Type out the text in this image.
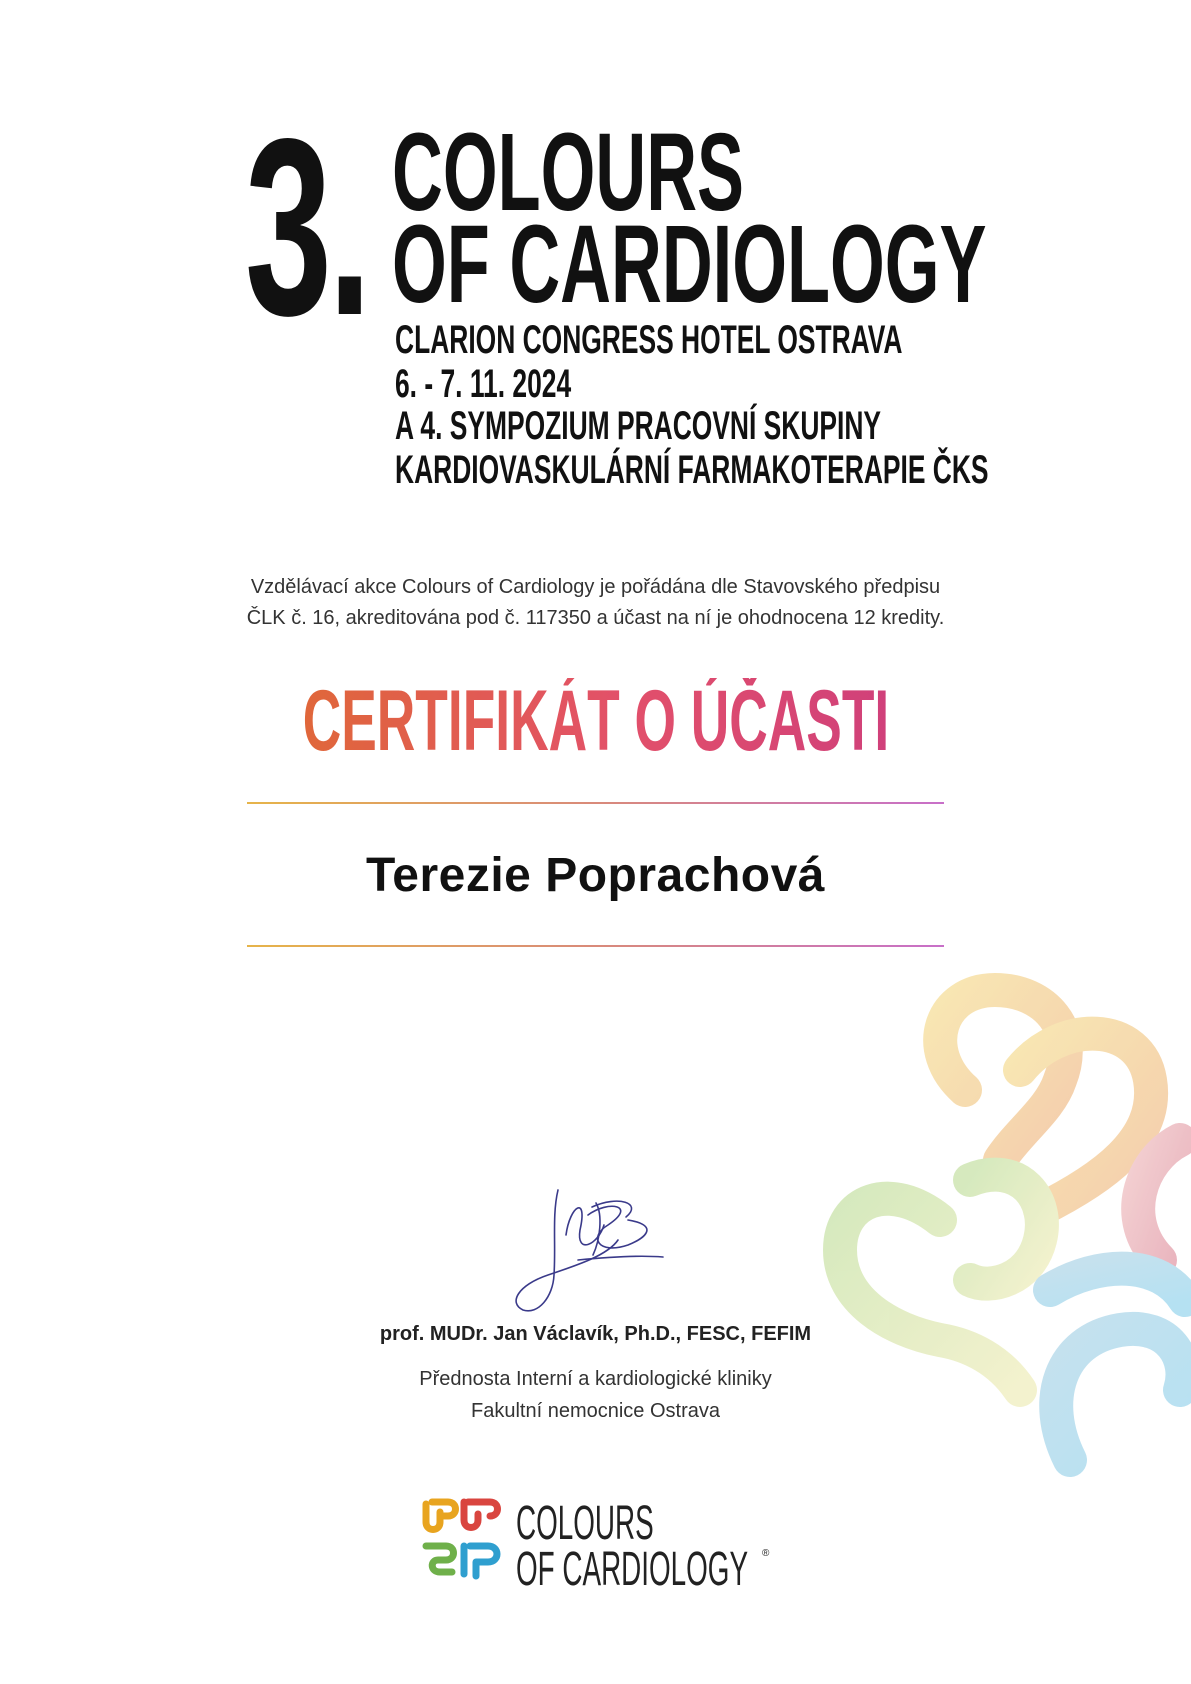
3. COLOURS
OF CARDIOLOGY
CLARION CONGRESS HOTEL OSTRAVA
6. - 7. 11. 2024
A 4. SYMPOZIUM PRACOVNÍ SKUPINY
KARDIOVASKULÁRNÍ FARMAKOTERAPIE ČKS
Vzdělávací akce Colours of Cardiology je pořádána dle Stavovského předpisu
ČLK č. 16, akreditována pod č. 117350 a účast na ní je ohodnocena 12 kredity.
CERTIFIKÁT O ÚČASTI
Terezie Poprachová
prof. MUDr. Jan Václavík, Ph.D., FESC, FEFIM
Přednosta Interní a kardiologické kliniky
Fakultní nemocnice Ostrava
COLOURS
OF CARDIOLOGY ®
